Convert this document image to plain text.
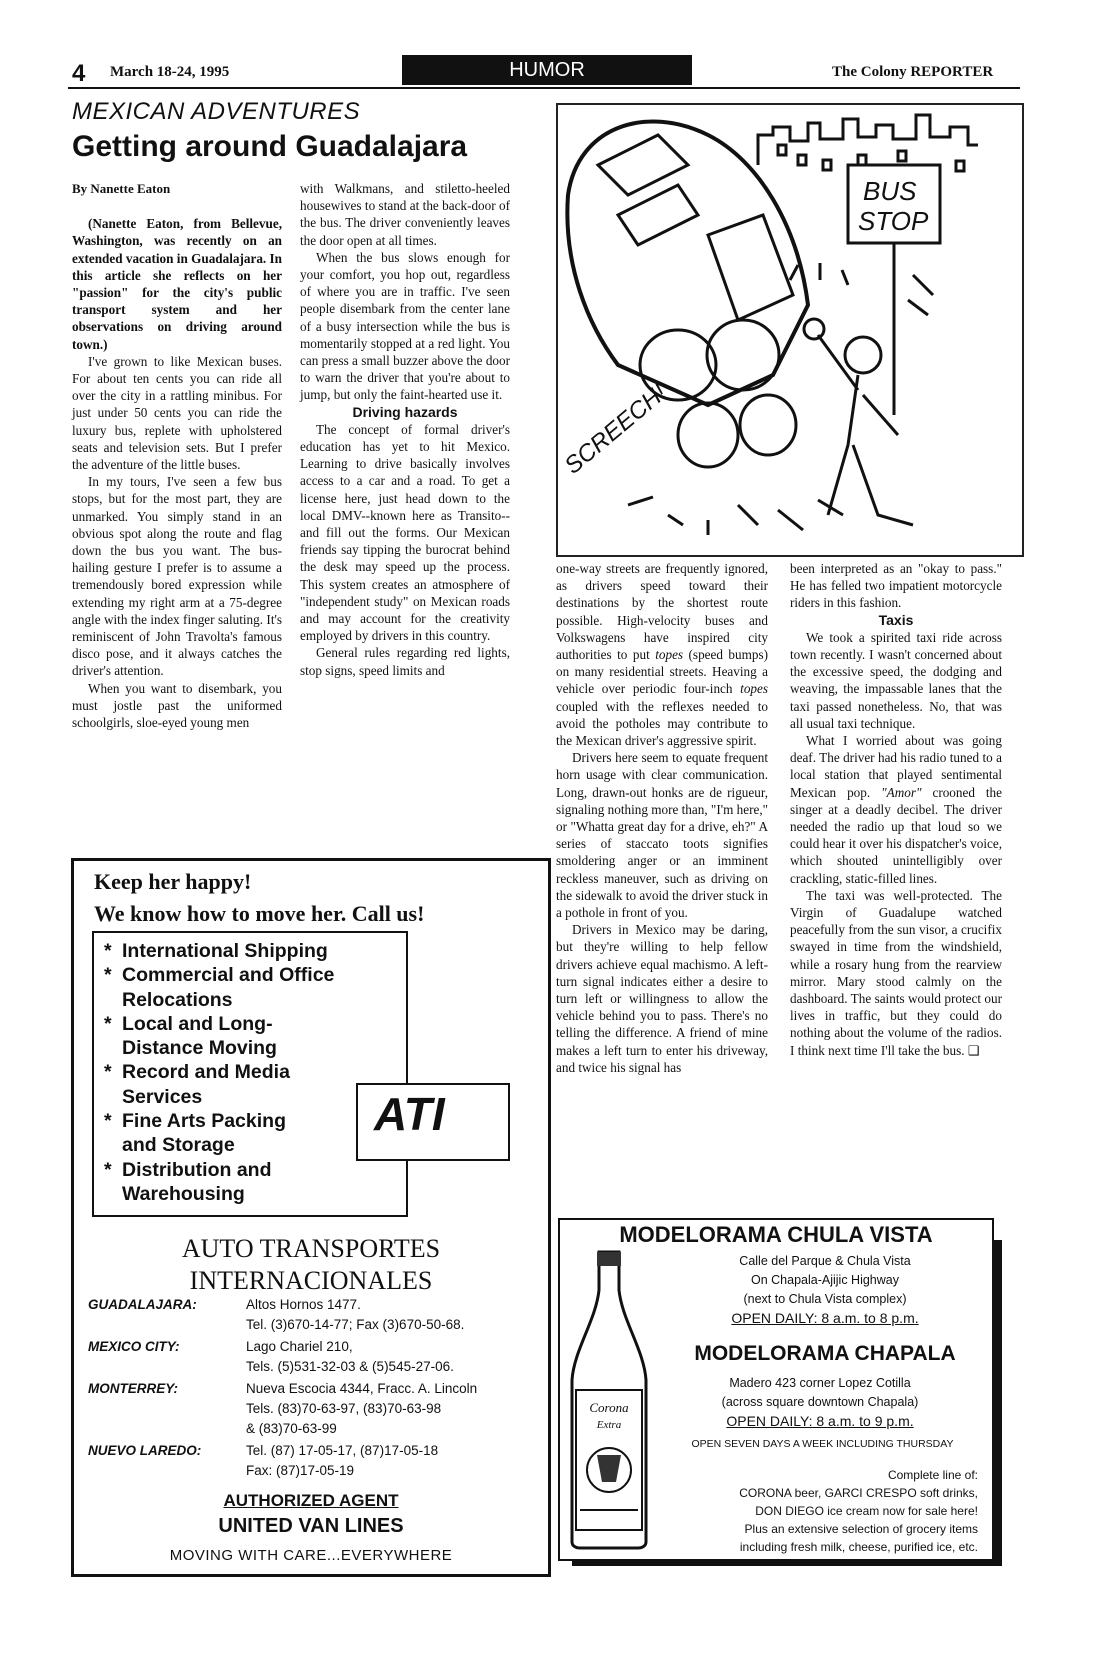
4 March 18-24, 1995	HUMOR	The Colony REPORTER
MEXICAN ADVENTURES
Getting around Guadalajara

By Nanette Eaton

(Nanette Eaton, from Bellevue, Washington, was recently on an extended vacation in Guadalajara. In this article she reflects on her "passion" for the city's public transport system and her observations on driving around town.)

I've grown to like Mexican buses. For about ten cents you can ride all over the city in a rattling minibus. For just under 50 cents you can ride the luxury bus, replete with upholstered seats and television sets. But I prefer the adventure of the little buses.

In my tours, I've seen a few bus stops, but for the most part, they are unmarked. You simply stand in an obvious spot along the route and flag down the bus you want. The bus-hailing gesture I prefer is to assume a tremendously bored expression while extending my right arm at a 75-degree angle with the index finger saluting. It's reminiscent of John Travolta's famous disco pose, and it always catches the driver's attention.

When you want to disembark, you must jostle past the uniformed schoolgirls, sloe-eyed young men

with Walkmans, and stiletto-heeled housewives to stand at the back-door of the bus. The driver conveniently leaves the door open at all times.

When the bus slows enough for your comfort, you hop out, regardless of where you are in traffic. I've seen people disembark from the center lane of a busy intersection while the bus is momentarily stopped at a red light. You can press a small buzzer above the door to warn the driver that you're about to jump, but only the faint-hearted use it.

Driving hazards

The concept of formal driver's education has yet to hit Mexico. Learning to drive basically involves access to a car and a road. To get a license here, just head down to the local DMV--known here as Transito--and fill out the forms. Our Mexican friends say tipping the burocrat behind the desk may speed up the process. This system creates an atmosphere of "independent study" on Mexican roads and may account for the creativity employed by drivers in this country.

General rules regarding red lights, stop signs, speed limits and

BUS
STOP
SCREECH!

one-way streets are frequently ignored, as drivers speed toward their destinations by the shortest route possible. High-velocity buses and Volkswagens have inspired city authorities to put topes (speed bumps) on many residential streets. Heaving a vehicle over periodic four-inch topes coupled with the reflexes needed to avoid the potholes may contribute to the Mexican driver's aggressive spirit.

Drivers here seem to equate frequent horn usage with clear communication. Long, drawn-out honks are de rigueur, signaling nothing more than, "I'm here," or "Whatta great day for a drive, eh?" A series of staccato toots signifies smoldering anger or an imminent reckless maneuver, such as driving on the sidewalk to avoid the driver stuck in a pothole in front of you.

Drivers in Mexico may be daring, but they're willing to help fellow drivers achieve equal machismo. A left-turn signal indicates either a desire to turn left or willingness to allow the vehicle behind you to pass. There's no telling the difference. A friend of mine makes a left turn to enter his driveway, and twice his signal has

been interpreted as an "okay to pass." He has felled two impatient motorcycle riders in this fashion.

Taxis

We took a spirited taxi ride across town recently. I wasn't concerned about the excessive speed, the dodging and weaving, the impassable lanes that the taxi passed nonetheless. No, that was all usual taxi technique.

What I worried about was going deaf. The driver had his radio tuned to a local station that played sentimental Mexican pop. "Amor" crooned the singer at a deadly decibel. The driver needed the radio up that loud so we could hear it over his dispatcher's voice, which shouted unintelligibly over crackling, static-filled lines.

The taxi was well-protected. The Virgin of Guadalupe watched peacefully from the sun visor, a crucifix swayed in time from the windshield, while a rosary hung from the rearview mirror. Mary stood calmly on the dashboard. The saints would protect our lives in traffic, but they could do nothing about the volume of the radios. I think next time I'll take the bus. ❑

Keep her happy!
We know how to move her. Call us!
* International Shipping
* Commercial and Office
Relocations
* Local and Long-
Distance Moving
* Record and Media
Services
* Fine Arts Packing
and Storage
* Distribution and
Warehousing
ATI
AUTO TRANSPORTES
INTERNACIONALES
GUADALAJARA:	Altos Hornos 1477.
Tel. (3)670-14-77; Fax (3)670-50-68.
MEXICO CITY:	Lago Chariel 210,
Tels. (5)531-32-03 & (5)545-27-06.
MONTERREY:	Nueva Escocia 4344, Fracc. A. Lincoln
Tels. (83)70-63-97, (83)70-63-98
& (83)70-63-99
NUEVO LAREDO:	Tel. (87) 17-05-17, (87)17-05-18
Fax: (87)17-05-19
AUTHORIZED AGENT
UNITED VAN LINES
MOVING WITH CARE...EVERYWHERE
MODELORAMA CHULA VISTA
Calle del Parque & Chula Vista
On Chapala-Ajijic Highway
(next to Chula Vista complex)
OPEN DAILY: 8 a.m. to 8 p.m.
MODELORAMA CHAPALA
Madero 423 corner Lopez Cotilla
(across square downtown Chapala)
OPEN DAILY: 8 a.m. to 9 p.m.
OPEN SEVEN DAYS A WEEK INCLUDING THURSDAY
Complete line of:
CORONA beer, GARCI CRESPO soft drinks,
DON DIEGO ice cream now for sale here!
Plus an extensive selection of grocery items
including fresh milk, cheese, purified ice, etc.
Corona
Extra
